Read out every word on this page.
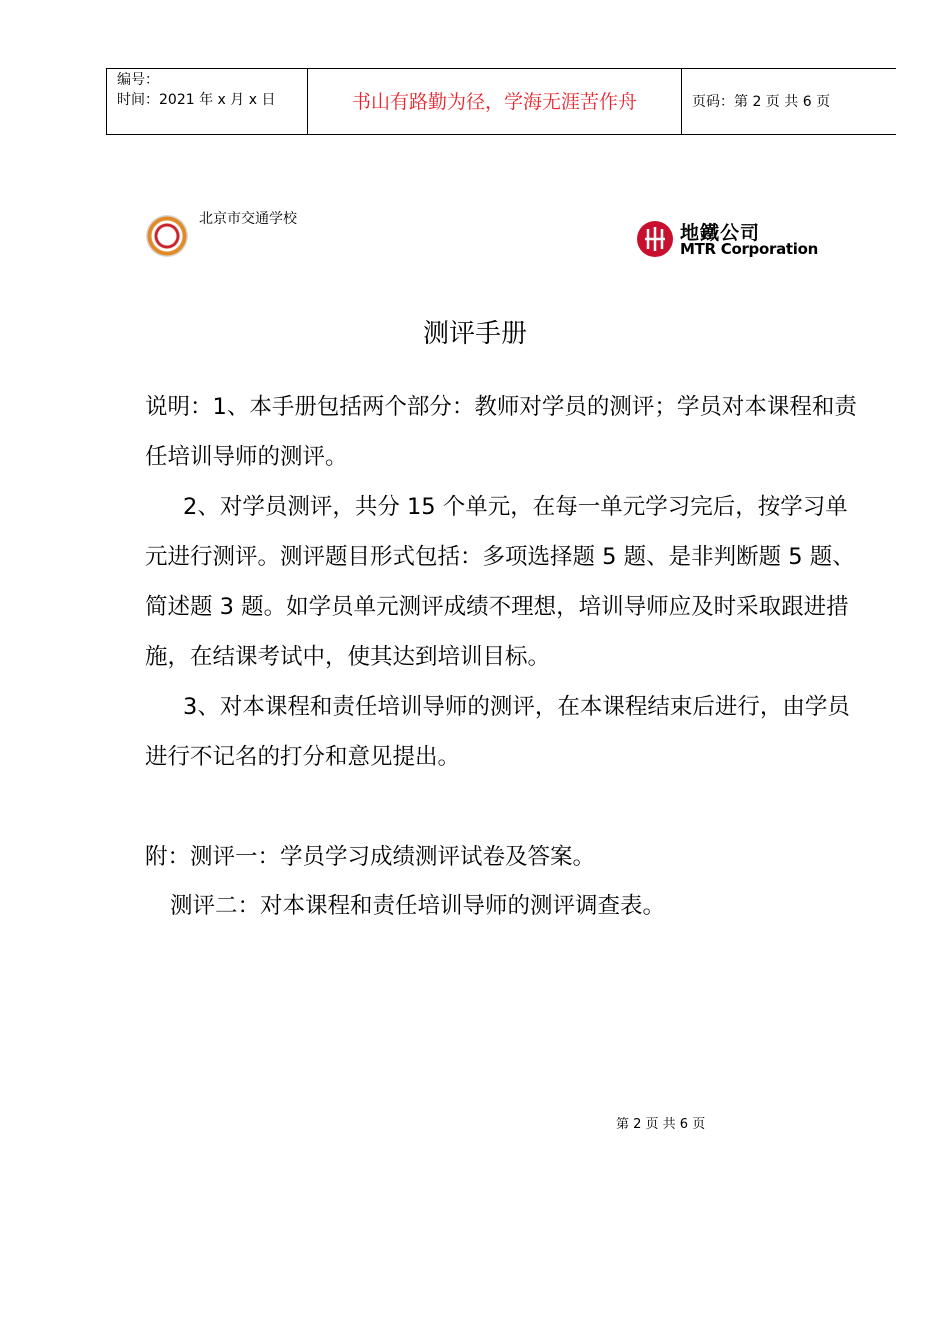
编号：
时间：2021 年 x 月 x 日	书山有路勤为径，学海无涯苦作舟	页码：第 2 页 共 6 页
北京市交通学校
地鐵公司
MTR Corporation
测评手册
说明：1、本手册包括两个部分：教师对学员的测评；学员对本课程和责任培训导师的测评。
2、对学员测评，共分 15 个单元，在每一单元学习完后，按学习单元进行测评。测评题目形式包括：多项选择题 5 题、是非判断题 5 题、简述题 3 题。如学员单元测评成绩不理想，培训导师应及时采取跟进措施，在结课考试中，使其达到培训目标。
3、对本课程和责任培训导师的测评，在本课程结束后进行，由学员进行不记名的打分和意见提出。
附：测评一：学员学习成绩测评试卷及答案。
测评二：对本课程和责任培训导师的测评调查表。
第 2 页 共 6 页
